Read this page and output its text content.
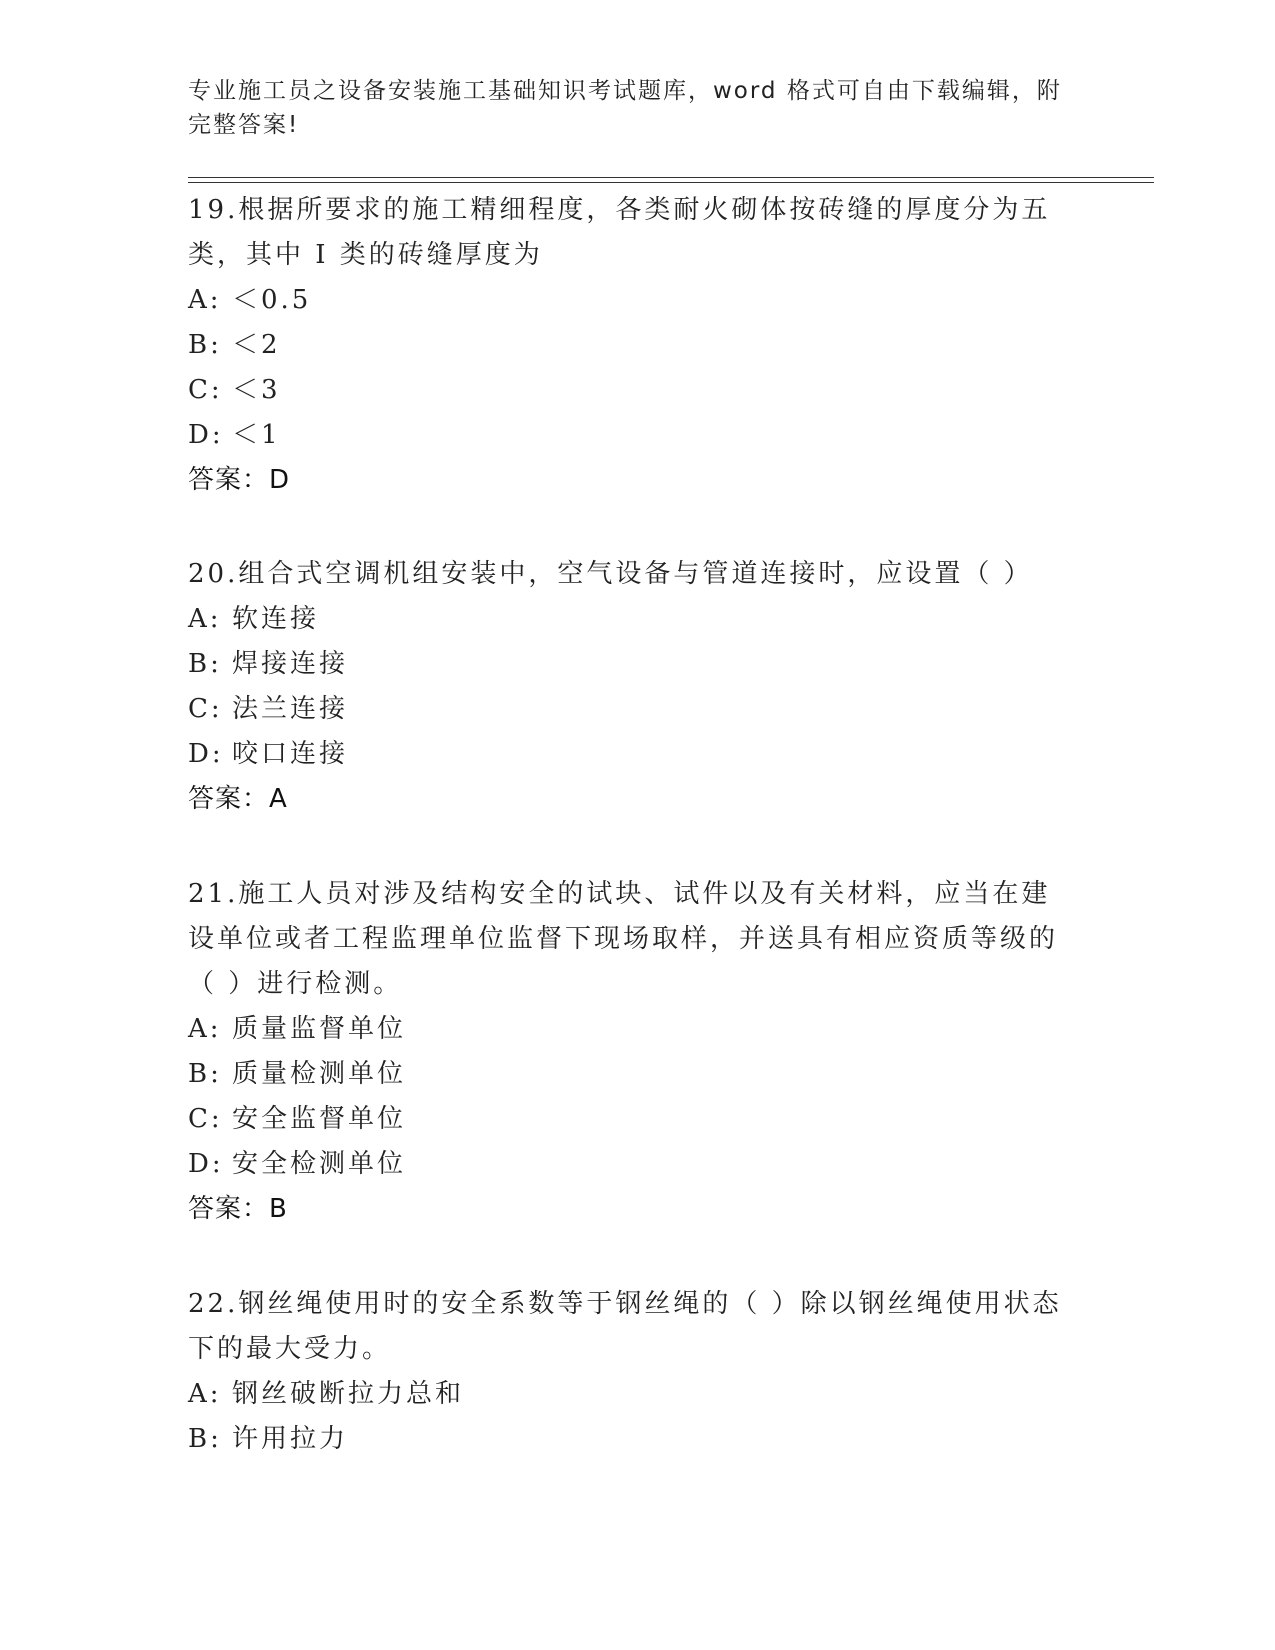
专业施工员之设备安装施工基础知识考试题库，word 格式可自由下载编辑，附完整答案!
19.根据所要求的施工精细程度，各类耐火砌体按砖缝的厚度分为五类，其中 I 类的砖缝厚度为
A: ＜0.5
B: ＜2
C: ＜3
D: ＜1
答案：D
20.组合式空调机组安装中，空气设备与管道连接时，应设置（ ）
A: 软连接
B: 焊接连接
C: 法兰连接
D: 咬口连接
答案：A
21.施工人员对涉及结构安全的试块、试件以及有关材料，应当在建设单位或者工程监理单位监督下现场取样，并送具有相应资质等级的（ ）进行检测。
A: 质量监督单位
B: 质量检测单位
C: 安全监督单位
D: 安全检测单位
答案：B
22.钢丝绳使用时的安全系数等于钢丝绳的（ ）除以钢丝绳使用状态下的最大受力。
A: 钢丝破断拉力总和
B: 许用拉力
